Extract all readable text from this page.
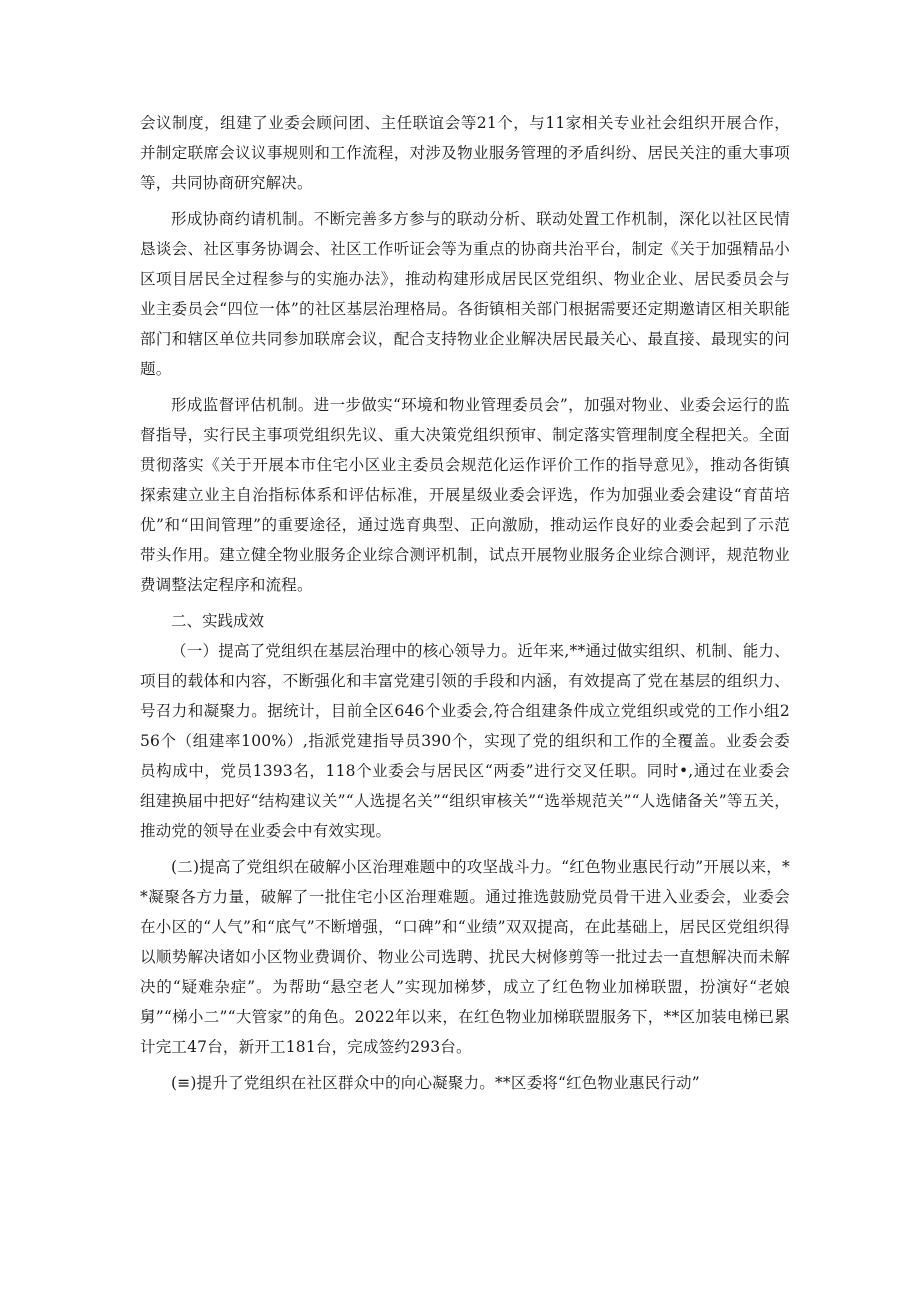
会议制度，组建了业委会顾问团、主任联谊会等21个，与11家相关专业社会组织开展合作，并制定联席会议议事规则和工作流程，对涉及物业服务管理的矛盾纠纷、居民关注的重大事项等，共同协商研究解决。

形成协商约请机制。不断完善多方参与的联动分析、联动处置工作机制，深化以社区民情恳谈会、社区事务协调会、社区工作听证会等为重点的协商共治平台，制定《关于加强精品小区项目居民全过程参与的实施办法》，推动构建形成居民区党组织、物业企业、居民委员会与业主委员会“四位一体”的社区基层治理格局。各街镇相关部门根据需要还定期邀请区相关职能部门和辖区单位共同参加联席会议，配合支持物业企业解决居民最关心、最直接、最现实的问题。

形成监督评估机制。进一步做实“环境和物业管理委员会”，加强对物业、业委会运行的监督指导，实行民主事项党组织先议、重大决策党组织预审、制定落实管理制度全程把关。全面贯彻落实《关于开展本市住宅小区业主委员会规范化运作评价工作的指导意见》，推动各街镇探索建立业主自治指标体系和评估标准，开展星级业委会评选，作为加强业委会建设“育苗培优”和“田间管理”的重要途径，通过选育典型、正向激励，推动运作良好的业委会起到了示范带头作用。建立健全物业服务企业综合测评机制，试点开展物业服务企业综合测评，规范物业费调整法定程序和流程。

二、实践成效

（一）提高了党组织在基层治理中的核心领导力。近年来,**通过做实组织、机制、能力、项目的载体和内容，不断强化和丰富党建引领的手段和内涵，有效提高了党在基层的组织力、号召力和凝聚力。据统计，目前全区646个业委会,符合组建条件成立党组织或党的工作小组256个（组建率100%）,指派党建指导员390个，实现了党的组织和工作的全覆盖。业委会委员构成中，党员1393名，118个业委会与居民区“两委”进行交叉任职。同时•,通过在业委会组建换届中把好“结构建议关”“人选提名关”“组织审核关”“选举规范关”“人选储备关”等五关，推动党的领导在业委会中有效实现。

(二)提高了党组织在破解小区治理难题中的攻坚战斗力。“红色物业惠民行动”开展以来，**凝聚各方力量，破解了一批住宅小区治理难题。通过推选鼓励党员骨干进入业委会，业委会在小区的“人气”和“底气”不断增强，“口碑”和“业绩”双双提高，在此基础上，居民区党组织得以顺势解决诸如小区物业费调价、物业公司选聘、扰民大树修剪等一批过去一直想解决而未解决的“疑难杂症”。为帮助“悬空老人”实现加梯梦，成立了红色物业加梯联盟，扮演好“老娘舅”“梯小二”“大管家”的角色。2022年以来，在红色物业加梯联盟服务下，**区加装电梯已累计完工47台，新开工181台，完成签约293台。

(≡)提升了党组织在社区群众中的向心凝聚力。**区委将“红色物业惠民行动”
